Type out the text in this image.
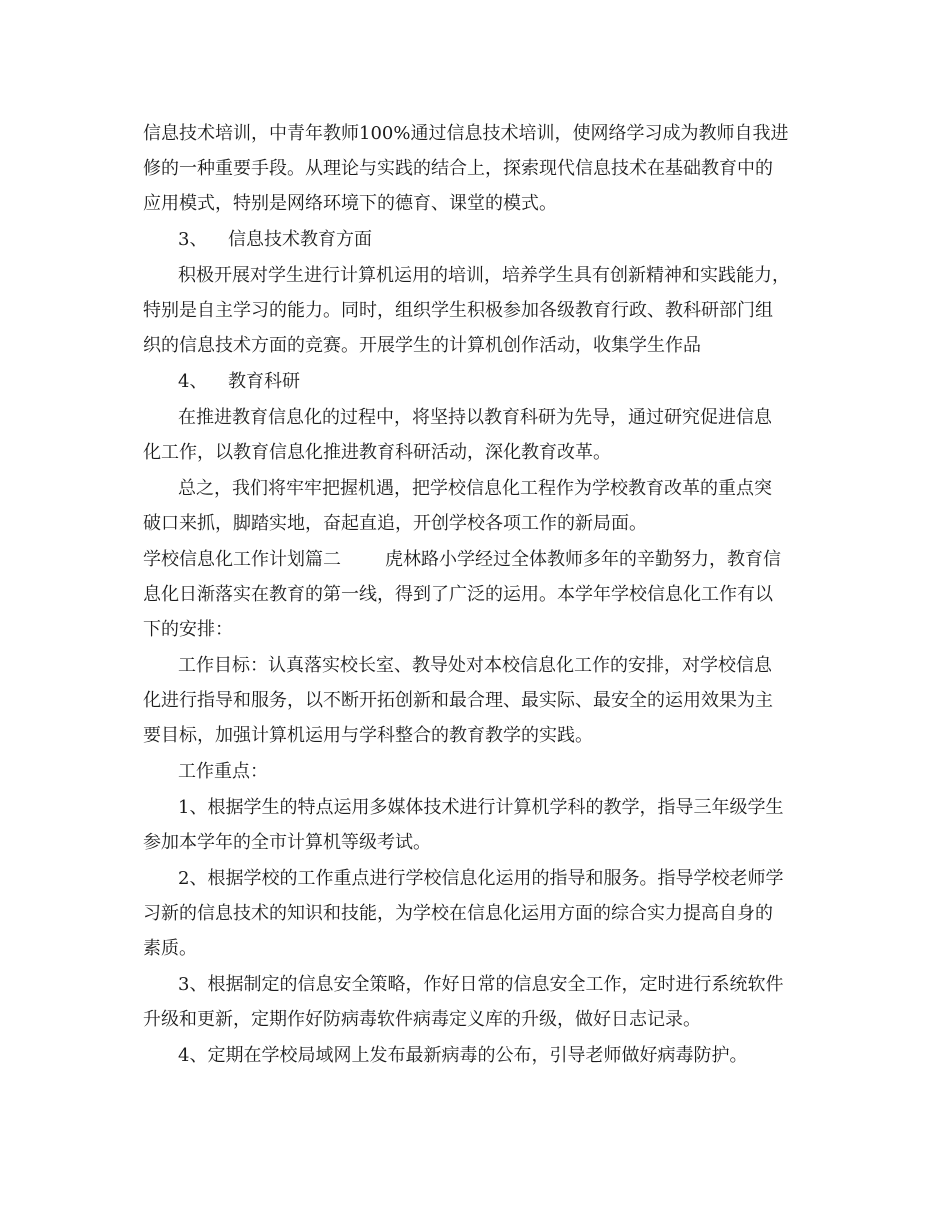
信息技术培训，中青年教师100%通过信息技术培训，使网络学习成为教师自我进
修的一种重要手段。从理论与实践的结合上，探索现代信息技术在基础教育中的
应用模式，特别是网络环境下的德育、课堂的模式。
3、 信息技术教育方面
积极开展对学生进行计算机运用的培训，培养学生具有创新精神和实践能力，
特别是自主学习的能力。同时，组织学生积极参加各级教育行政、教科研部门组
织的信息技术方面的竞赛。开展学生的计算机创作活动，收集学生作品
4、 教育科研
在推进教育信息化的过程中，将坚持以教育科研为先导，通过研究促进信息
化工作，以教育信息化推进教育科研活动，深化教育改革。
总之，我们将牢牢把握机遇，把学校信息化工程作为学校教育改革的重点突
破口来抓，脚踏实地，奋起直追，开创学校各项工作的新局面。
学校信息化工作计划篇二 虎林路小学经过全体教师多年的辛勤努力，教育信
息化日渐落实在教育的第一线，得到了广泛的运用。本学年学校信息化工作有以
下的安排：
工作目标：认真落实校长室、教导处对本校信息化工作的安排，对学校信息
化进行指导和服务，以不断开拓创新和最合理、最实际、最安全的运用效果为主
要目标，加强计算机运用与学科整合的教育教学的实践。
工作重点：
1、根据学生的特点运用多媒体技术进行计算机学科的教学，指导三年级学生
参加本学年的全市计算机等级考试。
2、根据学校的工作重点进行学校信息化运用的指导和服务。指导学校老师学
习新的信息技术的知识和技能，为学校在信息化运用方面的综合实力提高自身的
素质。
3、根据制定的信息安全策略，作好日常的信息安全工作，定时进行系统软件
升级和更新，定期作好防病毒软件病毒定义库的升级，做好日志记录。
4、定期在学校局域网上发布最新病毒的公布，引导老师做好病毒防护。
